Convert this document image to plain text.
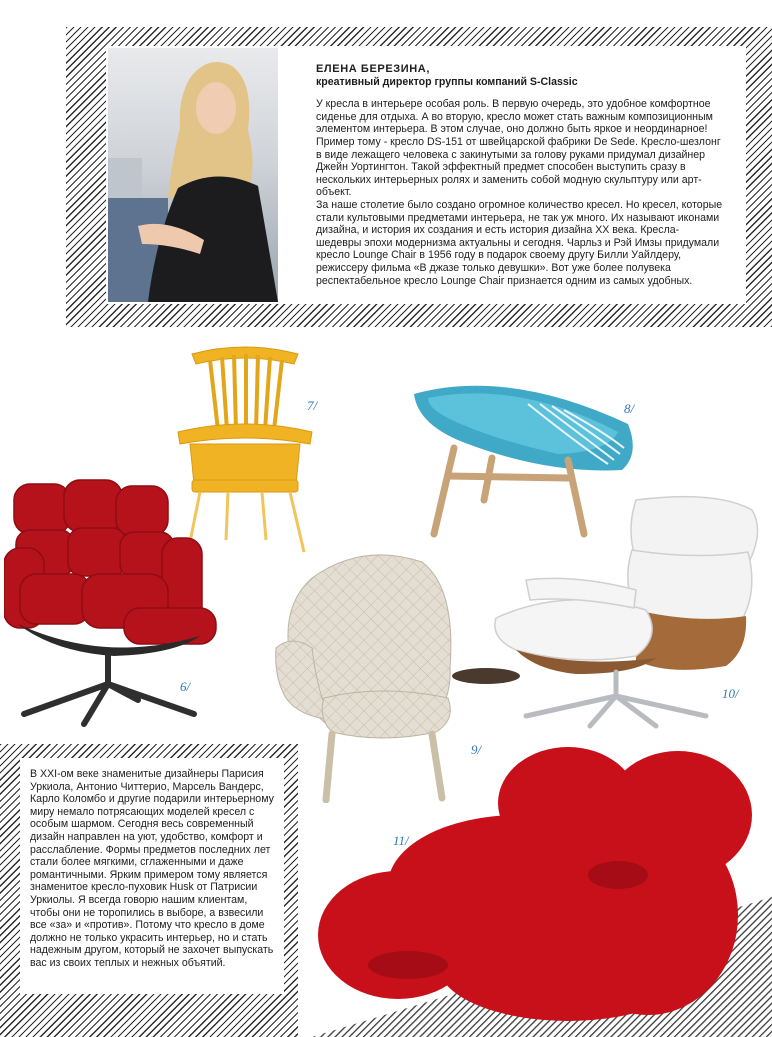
ЕЛЕНА БЕРЕЗИНА,
креативный директор группы компаний S-Classic

У кресла в интерьере особая роль. В первую очередь, это удобное комфортное сиденье для отдыха. А во вторую, кресло может стать важным композиционным элементом интерьера. В этом случае, оно должно быть яркое и неординарное! Пример тому - кресло DS-151 от швейцарской фабрики De Sede. Кресло-шезлонг в виде лежащего человека с закинутыми за голову руками придумал дизайнер Джейн Уортингтон. Такой эффектный предмет способен выступить сразу в нескольких интерьерных ролях и заменить собой модную скульптуру или арт-объект.

За наше столетие было создано огромное количество кресел. Но кресел, которые стали культовыми предметами интерьера, не так уж много. Их называют иконами дизайна, и история их создания и есть история дизайна XX века. Кресла-шедевры эпохи модернизма актуальны и сегодня. Чарльз и Рэй Имзы придумали кресло Lounge Chair в 1956 году в подарок своему другу Билли Уайлдеру, режиссеру фильма «В джазе только девушки». Вот уже более полувека респектабельное кресло Lounge Chair признается одним из самых удобных.

В XXI-ом веке знаменитые дизайнеры Парисия Уркиола, Антонио Читтерио, Марсель Вандерс, Карло Коломбо и другие подарили интерьерному миру немало потрясающих моделей кресел с особым шармом. Сегодня весь современный дизайн направлен на уют, удобство, комфорт и расслабление. Формы предметов последних лет стали более мягкими, сглаженными и даже романтичными. Ярким примером тому является знаменитое кресло-пуховик Husk от Патрисии Уркиолы. Я всегда говорю нашим клиентам, чтобы они не торопились в выборе, а взвесили все «за» и «против». Потому что кресло в доме должно не только украсить интерьер, но и стать надежным другом, который не захочет выпускать вас из своих теплых и нежных объятий.

7/	8/
6/
9/
10/
11/
